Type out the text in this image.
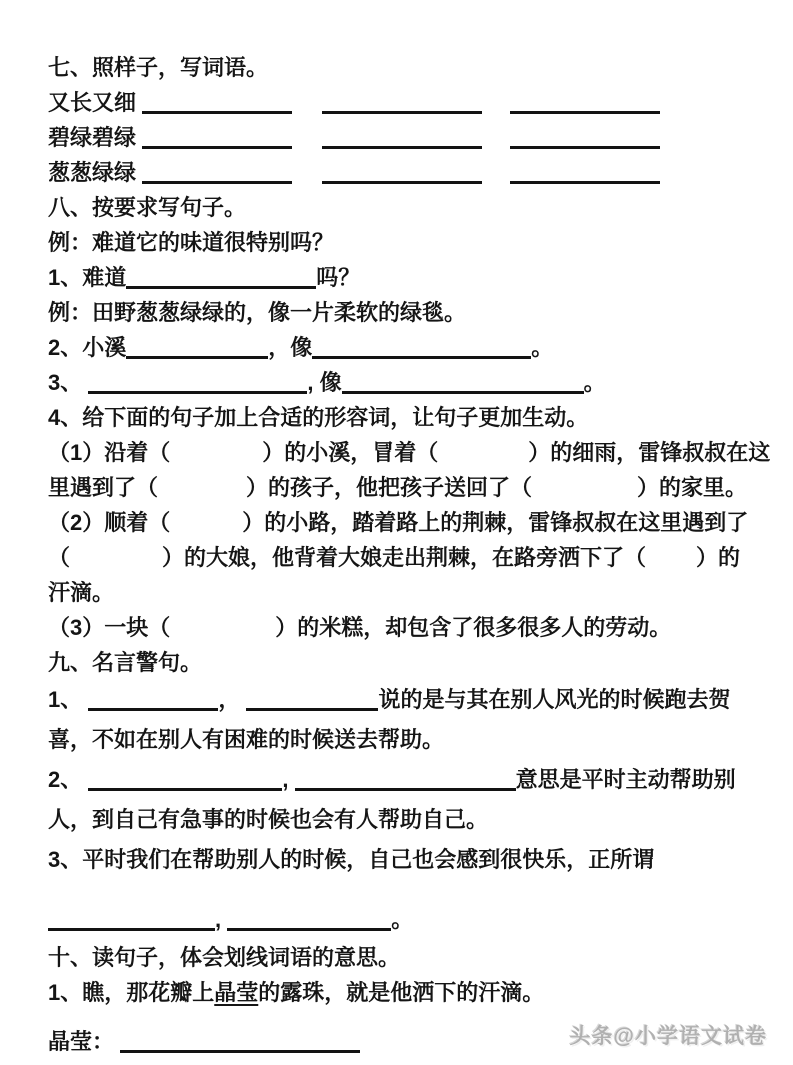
七、照样子，写词语。
又长又细
碧绿碧绿
葱葱绿绿
八、按要求写句子。
例：难道它的味道很特别吗？
1、难道	吗？
例：田野葱葱绿绿的，像一片柔软的绿毯。
2、小溪	，像	。
3、	, 像	。
4、给下面的句子加上合适的形容词，让句子更加生动。
（1）沿着（	）的小溪，冒着（	）的细雨，雷锋叔叔在这
里遇到了（	）的孩子，他把孩子送回了（	）的家里。
（2）顺着（	）的小路，踏着路上的荆棘，雷锋叔叔在这里遇到了
（	）的大娘，他背着大娘走出荆棘，在路旁洒下了（ ）的
汗滴。
（3）一块（	）的米糕，却包含了很多很多人的劳动。
九、名言警句。
1、	，	说的是与其在别人风光的时候跑去贺
喜，不如在别人有困难的时候送去帮助。
2、	,	意思是平时主动帮助别
人，到自己有急事的时候也会有人帮助自己。
3、平时我们在帮助别人的时候，自己也会感到很快乐，正所谓
,	。
十、读句子，体会划线词语的意思。
1、瞧，那花瓣上晶莹的露珠，就是他洒下的汗滴。
晶莹：	头条@小学语文试卷
